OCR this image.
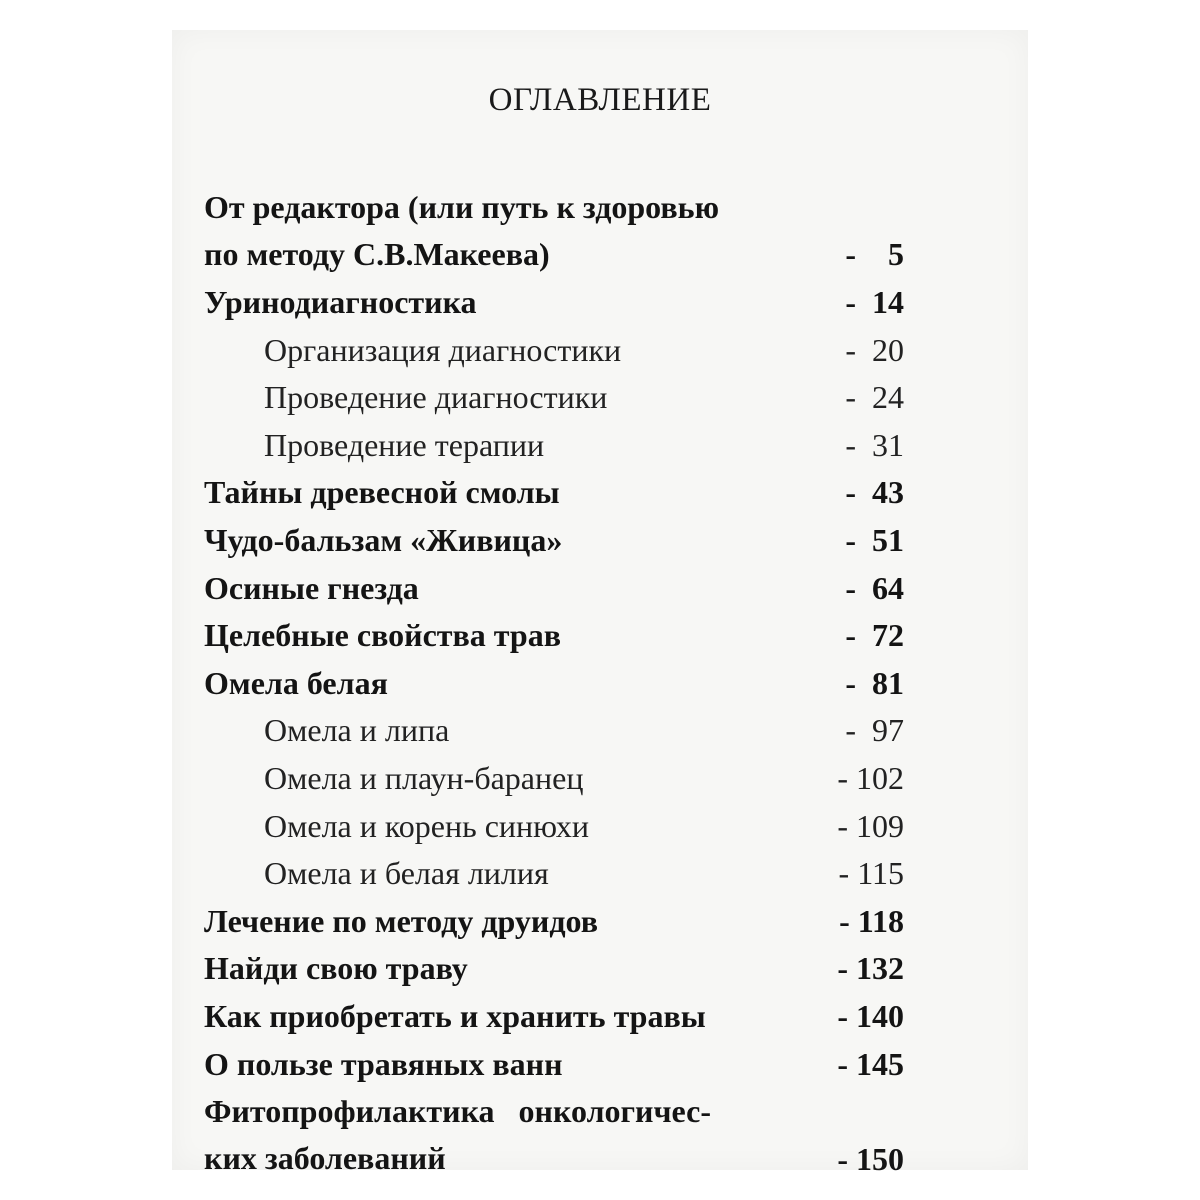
ОГЛАВЛЕНИЕ
От редактора (или путь к здоровью
по методу С.В.Макеева)	-    5
Уринодиагностика	-  14
Организация диагностики	-  20
Проведение диагностики	-  24
Проведение терапии	-  31
Тайны древесной смолы	-  43
Чудо-бальзам «Живица»	-  51
Осиные гнезда	-  64
Целебные свойства трав	-  72
Омела белая	-  81
Омела и липа	-  97
Омела и плаун-баранец	- 102
Омела и корень синюхи	- 109
Омела и белая лилия	- 115
Лечение по методу друидов	- 118
Найди свою траву	- 132
Как приобретать и хранить травы	- 140
О пользе травяных ванн	- 145
Фитопрофилактика   онкологичес-
ких заболеваний	- 150
